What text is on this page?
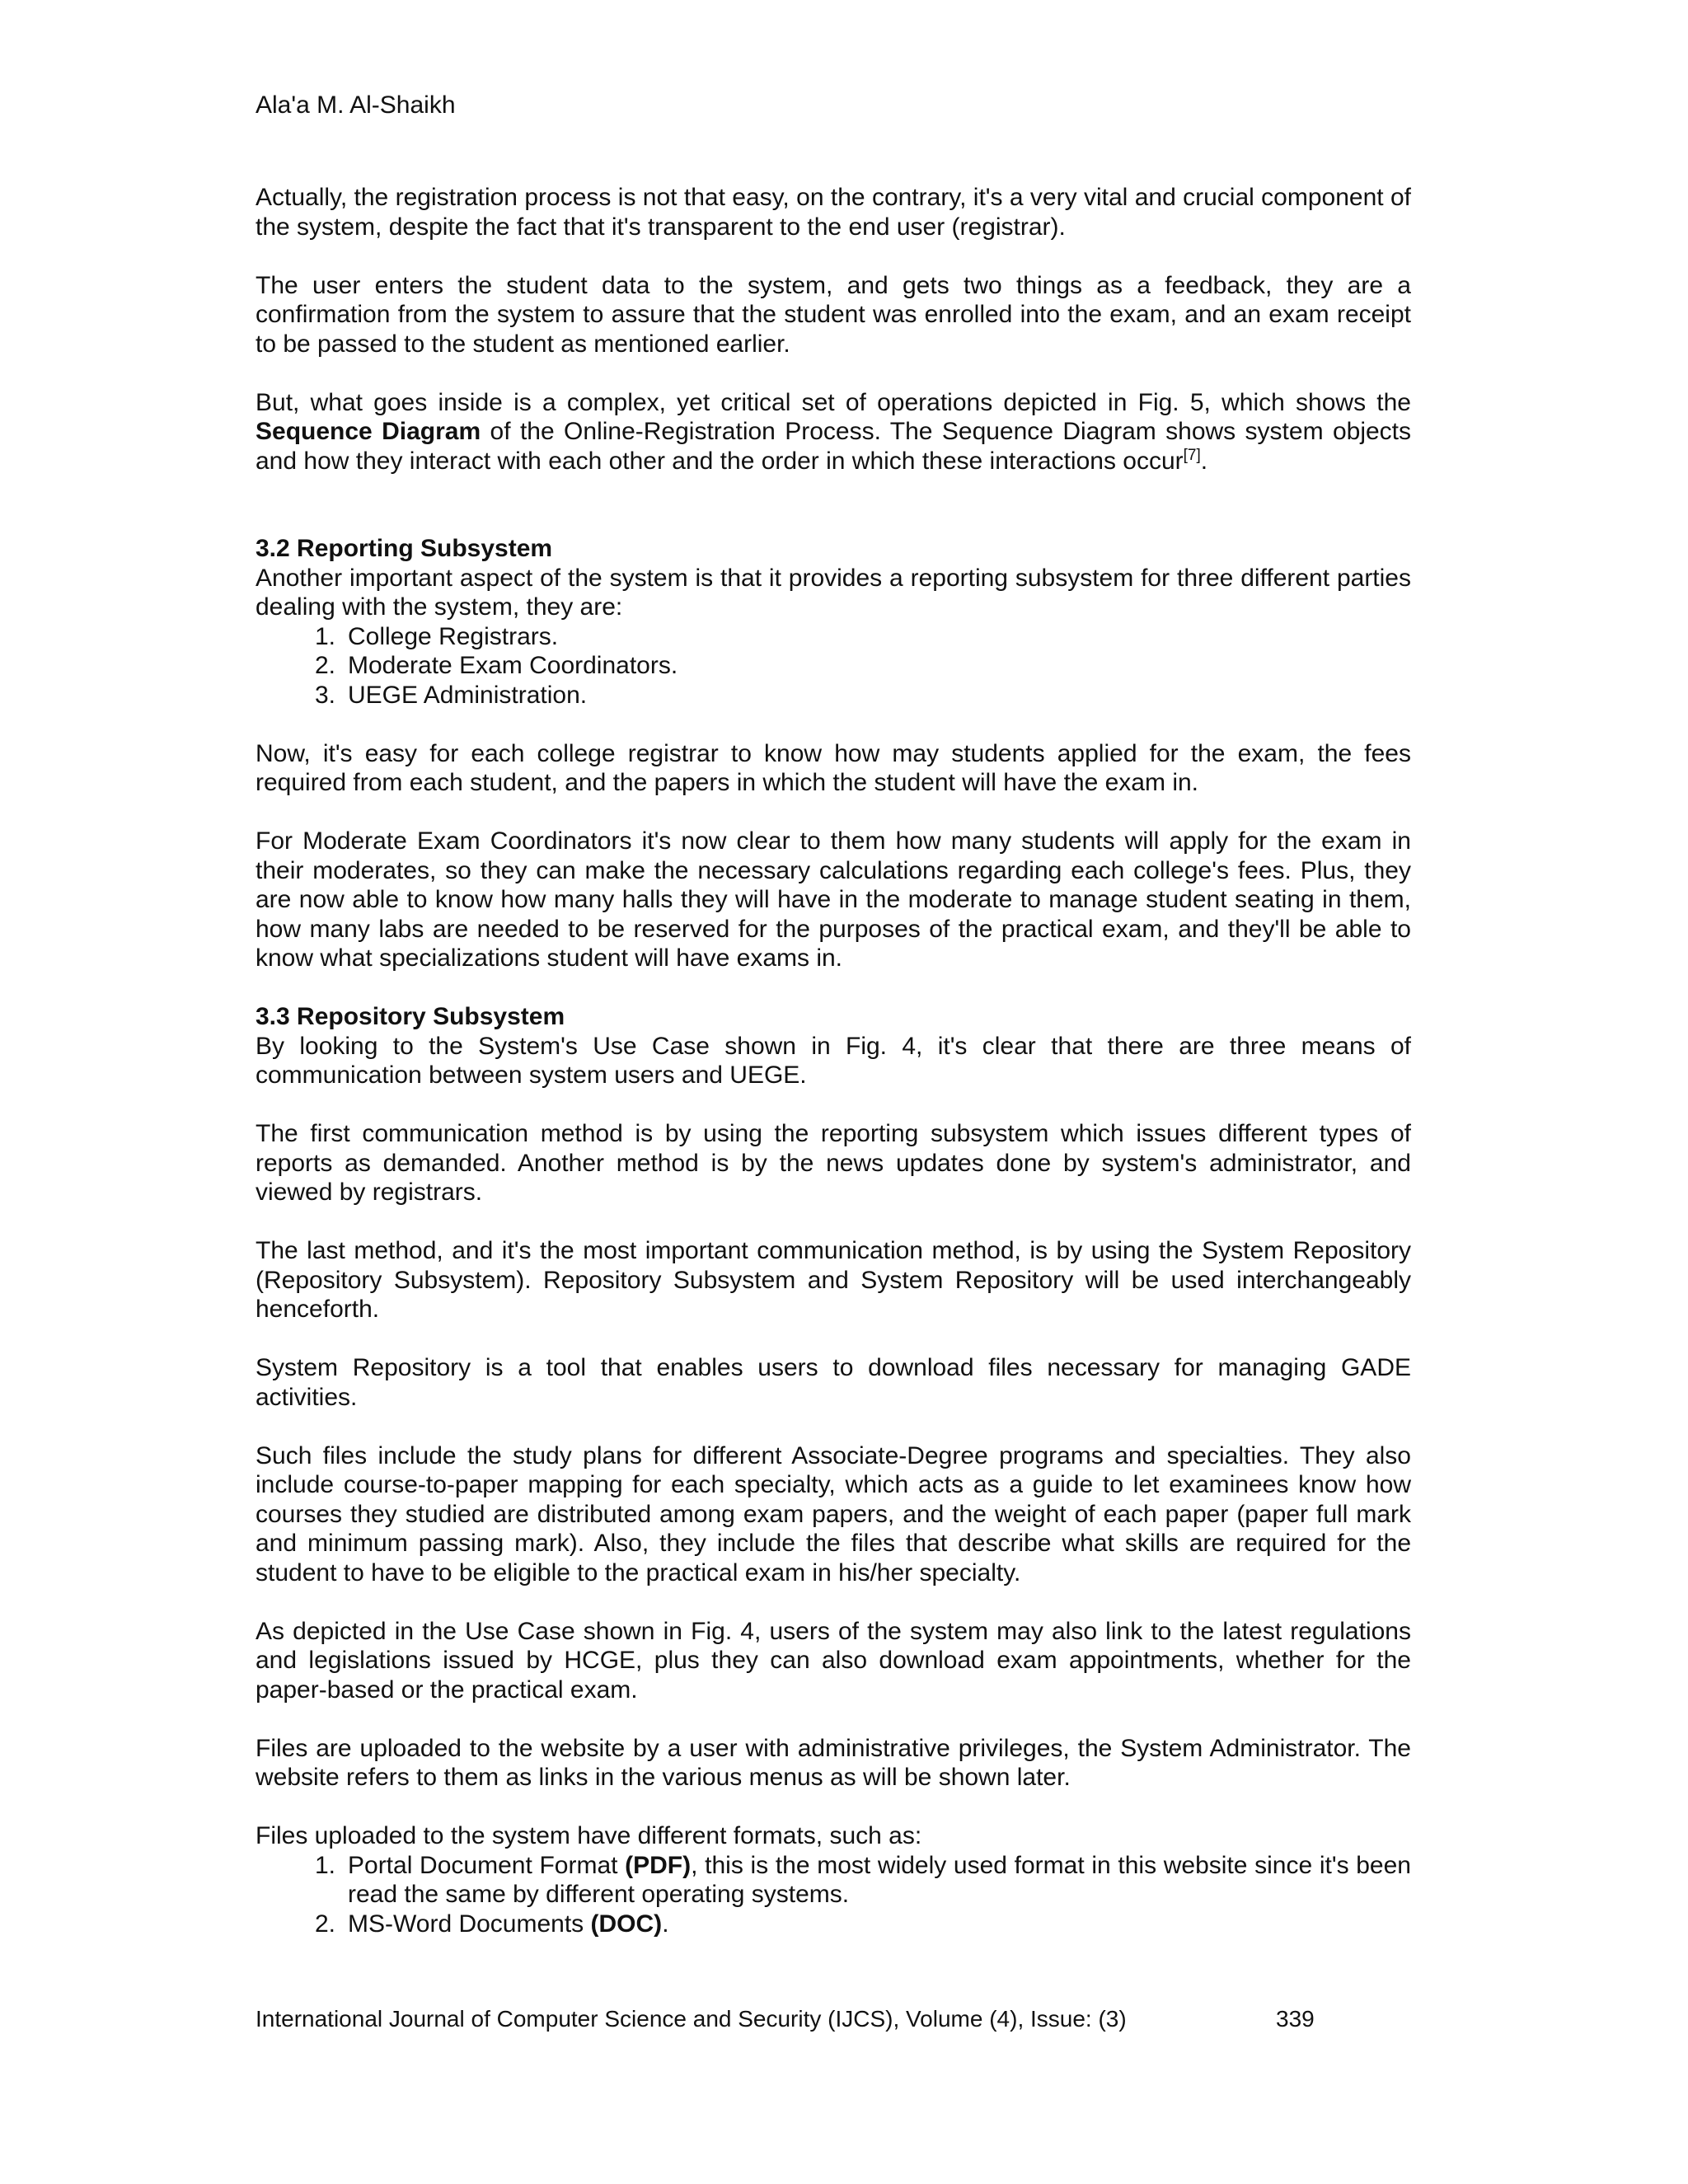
Ala'a M. Al-Shaikh

Actually, the registration process is not that easy, on the contrary, it's a very vital and crucial component of the system, despite the fact that it's transparent to the end user (registrar).

The user enters the student data to the system, and gets two things as a feedback, they are a confirmation from the system to assure that the student was enrolled into the exam, and an exam receipt to be passed to the student as mentioned earlier.

But, what goes inside is a complex, yet critical set of operations depicted in Fig. 5, which shows the Sequence Diagram of the Online-Registration Process. The Sequence Diagram shows system objects and how they interact with each other and the order in which these interactions occur[7].

3.2 Reporting Subsystem

Another important aspect of the system is that it provides a reporting subsystem for three different parties dealing with the system, they are:

1. College Registrars.
2. Moderate Exam Coordinators.
3. UEGE Administration.

Now, it's easy for each college registrar to know how may students applied for the exam, the fees required from each student, and the papers in which the student will have the exam in.

For Moderate Exam Coordinators it's now clear to them how many students will apply for the exam in their moderates, so they can make the necessary calculations regarding each college's fees. Plus, they are now able to know how many halls they will have in the moderate to manage student seating in them, how many labs are needed to be reserved for the purposes of the practical exam, and they'll be able to know what specializations student will have exams in.

3.3 Repository Subsystem

By looking to the System's Use Case shown in Fig. 4, it's clear that there are three means of communication between system users and UEGE.

The first communication method is by using the reporting subsystem which issues different types of reports as demanded. Another method is by the news updates done by system's administrator, and viewed by registrars.

The last method, and it's the most important communication method, is by using the System Repository (Repository Subsystem). Repository Subsystem and System Repository will be used interchangeably henceforth.

System Repository is a tool that enables users to download files necessary for managing GADE activities.

Such files include the study plans for different Associate-Degree programs and specialties. They also include course-to-paper mapping for each specialty, which acts as a guide to let examinees know how courses they studied are distributed among exam papers, and the weight of each paper (paper full mark and minimum passing mark). Also, they include the files that describe what skills are required for the student to have to be eligible to the practical exam in his/her specialty.

As depicted in the Use Case shown in Fig. 4, users of the system may also link to the latest regulations and legislations issued by HCGE, plus they can also download exam appointments, whether for the paper-based or the practical exam.

Files are uploaded to the website by a user with administrative privileges, the System Administrator. The website refers to them as links in the various menus as will be shown later.

Files uploaded to the system have different formats, such as:

1. Portal Document Format (PDF), this is the most widely used format in this website since it's been read the same by different operating systems.
2. MS-Word Documents (DOC).
International Journal of Computer Science and Security (IJCS), Volume (4), Issue: (3)	339
